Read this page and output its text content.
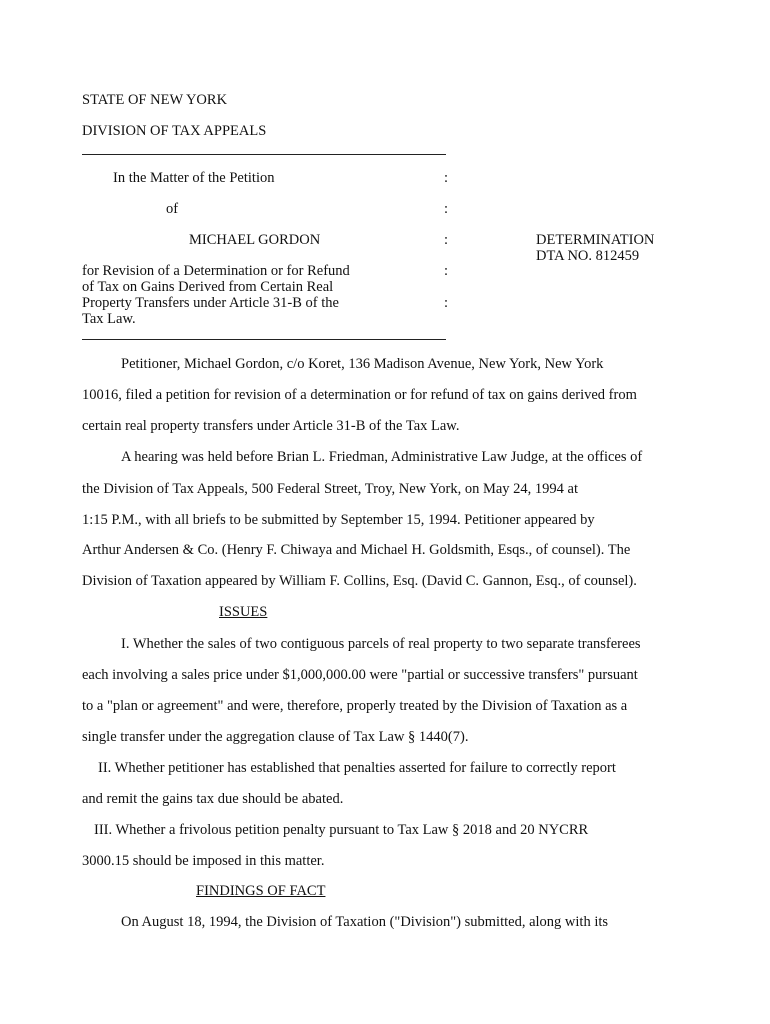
STATE OF NEW YORK
DIVISION OF TAX APPEALS
In the Matter of the Petition	:
of	:
MICHAEL GORDON	:	DETERMINATION
DTA NO. 812459
for Revision of a Determination or for Refund	:
of Tax on Gains Derived from Certain Real
Property Transfers under Article 31-B of the	:
Tax Law.
Petitioner, Michael Gordon, c/o Koret, 136 Madison Avenue, New York, New York
10016, filed a petition for revision of a determination or for refund of tax on gains derived from
certain real property transfers under Article 31-B of the Tax Law.
A hearing was held before Brian L. Friedman, Administrative Law Judge, at the offices of
the Division of Tax Appeals, 500 Federal Street, Troy, New York, on May 24, 1994 at
1:15 P.M., with all briefs to be submitted by September 15, 1994. Petitioner appeared by
Arthur Andersen & Co. (Henry F. Chiwaya and Michael H. Goldsmith, Esqs., of counsel). The
Division of Taxation appeared by William F. Collins, Esq. (David C. Gannon, Esq., of counsel).
ISSUES
I. Whether the sales of two contiguous parcels of real property to two separate transferees
each involving a sales price under $1,000,000.00 were "partial or successive transfers" pursuant
to a "plan or agreement" and were, therefore, properly treated by the Division of Taxation as a
single transfer under the aggregation clause of Tax Law § 1440(7).
II. Whether petitioner has established that penalties asserted for failure to correctly report
and remit the gains tax due should be abated.
III. Whether a frivolous petition penalty pursuant to Tax Law § 2018 and 20 NYCRR
3000.15 should be imposed in this matter.
FINDINGS OF FACT
On August 18, 1994, the Division of Taxation ("Division") submitted, along with its
